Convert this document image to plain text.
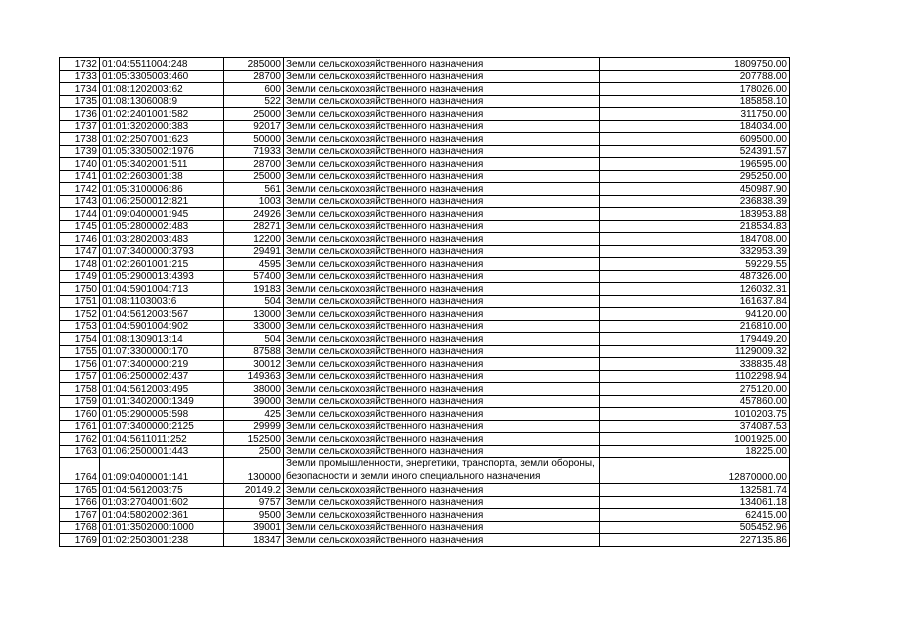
1732	01:04:5511004:248	285000	Земли сельскохозяйственного назначения	1809750.00
1733	01:05:3305003:460	28700	Земли сельскохозяйственного назначения	207788.00
1734	01:08:1202003:62	600	Земли сельскохозяйственного назначения	178026.00
1735	01:08:1306008:9	522	Земли сельскохозяйственного назначения	185858.10
1736	01:02:2401001:582	25000	Земли сельскохозяйственного назначения	311750.00
1737	01:01:3202000:383	92017	Земли сельскохозяйственного назначения	184034.00
1738	01:02:2507001:623	50000	Земли сельскохозяйственного назначения	609500.00
1739	01:05:3305002:1976	71933	Земли сельскохозяйственного назначения	524391.57
1740	01:05:3402001:511	28700	Земли сельскохозяйственного назначения	196595.00
1741	01:02:2603001:38	25000	Земли сельскохозяйственного назначения	295250.00
1742	01:05:3100006:86	561	Земли сельскохозяйственного назначения	450987.90
1743	01:06:2500012:821	1003	Земли сельскохозяйственного назначения	236838.39
1744	01:09:0400001:945	24926	Земли сельскохозяйственного назначения	183953.88
1745	01:05:2800002:483	28271	Земли сельскохозяйственного назначения	218534.83
1746	01:03:2802003:483	12200	Земли сельскохозяйственного назначения	184708.00
1747	01:07:3400000:3793	29491	Земли сельскохозяйственного назначения	332953.39
1748	01:02:2601001:215	4595	Земли сельскохозяйственного назначения	59229.55
1749	01:05:2900013:4393	57400	Земли сельскохозяйственного назначения	487326.00
1750	01:04:5901004:713	19183	Земли сельскохозяйственного назначения	126032.31
1751	01:08:1103003:6	504	Земли сельскохозяйственного назначения	161637.84
1752	01:04:5612003:567	13000	Земли сельскохозяйственного назначения	94120.00
1753	01:04:5901004:902	33000	Земли сельскохозяйственного назначения	216810.00
1754	01:08:1309013:14	504	Земли сельскохозяйственного назначения	179449.20
1755	01:07:3300000:170	87588	Земли сельскохозяйственного назначения	1129009.32
1756	01:07:3400000:219	30012	Земли сельскохозяйственного назначения	338835.48
1757	01:06:2500002:437	149363	Земли сельскохозяйственного назначения	1102298.94
1758	01:04:5612003:495	38000	Земли сельскохозяйственного назначения	275120.00
1759	01:01:3402000:1349	39000	Земли сельскохозяйственного назначения	457860.00
1760	01:05:2900005:598	425	Земли сельскохозяйственного назначения	1010203.75
1761	01:07:3400000:2125	29999	Земли сельскохозяйственного назначения	374087.53
1762	01:04:5611011:252	152500	Земли сельскохозяйственного назначения	1001925.00
1763	01:06:2500001:443	2500	Земли сельскохозяйственного назначения	18225.00
1764	01:09:0400001:141	130000	Земли промышленности, энергетики, транспорта, земли обороны, безопасности и земли иного специального назначения	12870000.00
1765	01:04:5612003:75	20149.2	Земли сельскохозяйственного назначения	132581.74
1766	01:03:2704001:602	9757	Земли сельскохозяйственного назначения	134061.18
1767	01:04:5802002:361	9500	Земли сельскохозяйственного назначения	62415.00
1768	01:01:3502000:1000	39001	Земли сельскохозяйственного назначения	505452.96
1769	01:02:2503001:238	18347	Земли сельскохозяйственного назначения	227135.86
